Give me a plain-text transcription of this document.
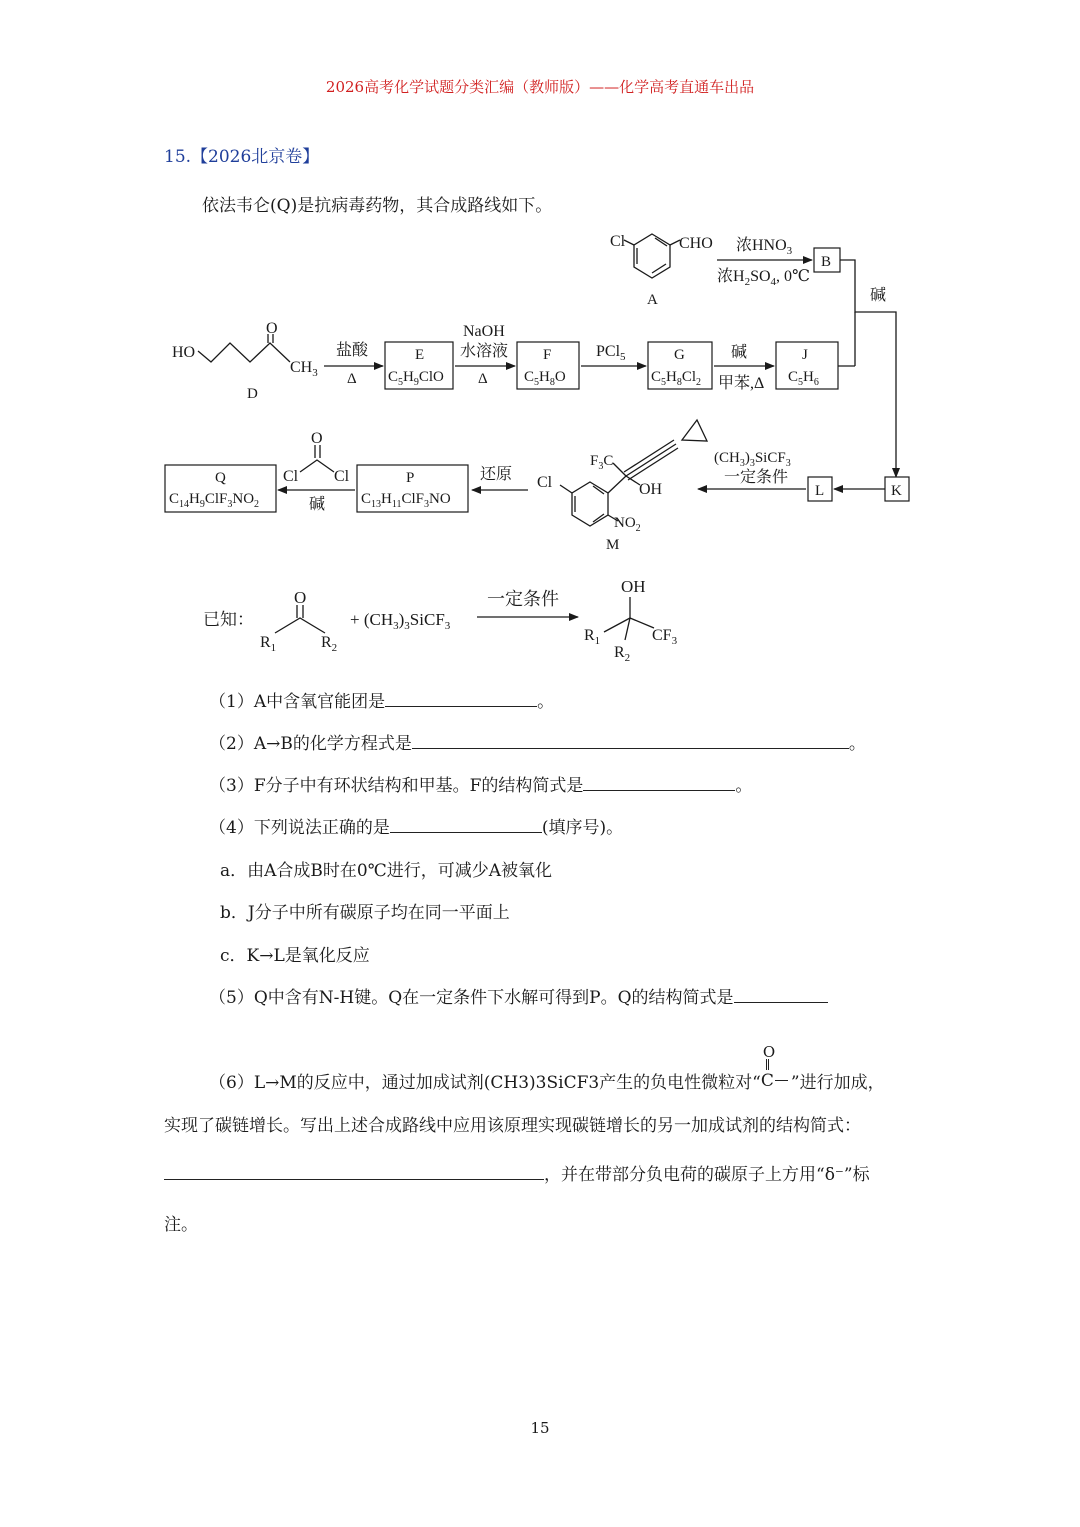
2026高考化学试题分类汇编（教师版）——化学高考直通车出品
15.【2026北京卷】
依法韦仑(Q)是抗病毒药物，其合成路线如下。
Cl	CHO
A
浓$HNO_3$
浓$H_2SO_4$, 0℃
B
碱
HO
O
$CH_3$
D
盐酸
Δ
E
$C_5H_9ClO$
NaOH
水溶液
Δ
F
$C_5H_8O$
PCl$_5$	G
$C_5H_8Cl_2$
碱
甲苯,Δ
J
$C_5H_6$
K
L
$(CH_3)_3SiCF_3$
一定条件
Cl
$F_3C$
OH
$NO_2$
M
还原
P
$C_{13}H_{11}ClF_3NO$
O
Cl Cl
碱
Q
$C_{14}H_9ClF_3NO_2$
已知：
O
$R_1$	$R_2$
+ $(CH_3)_3SiCF_3$
一定条件
OH
$R_1$	$CF_3$
$R_2$
（1）A中含氧官能团是	。
（2）A→B的化学方程式是	。
（3）F分子中有环状结构和甲基。F的结构简式是	。
（4）下列说法正确的是	(填序号)。
a．由A合成B时在0℃进行，可减少A被氧化
b．J分子中所有碳原子均在同一平面上
c．K→L是氧化反应
（5）Q中含有N-H键。Q在一定条件下水解可得到P。Q的结构简式是
（6）L→M的反应中，通过加成试剂(CH3)3SiCF3产生的负电性微粒对“
O
C ”进行加成，
实现了碳链增长。写出上述合成路线中应用该原理实现碳链增长的另一加成试剂的结构简式：
，并在带部分负电荷的碳原子上方用“δ⁻”标
注。
15
